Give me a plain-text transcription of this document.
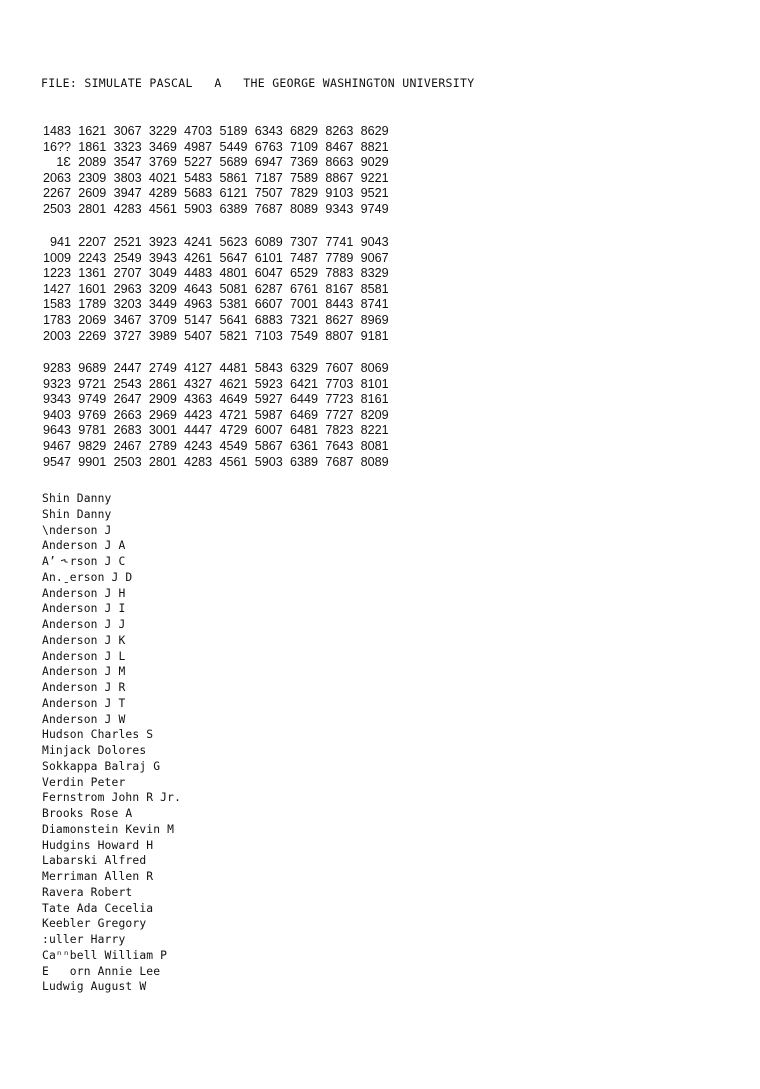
FILE: SIMULATE PASCAL A THE GEORGE WASHINGTON UNIVERSITY
1483 1621 3067 3229 4703 5189 6343 6829 8263 8629
16?? 1861 3323 3469 4987 5449 6763 7109 8467 8821
1Ɛ 2089 3547 3769 5227 5689 6947 7369 8663 9029
2063 2309 3803 4021 5483 5861 7187 7589 8867 9221
2267 2609 3947 4289 5683 6121 7507 7829 9103 9521
2503 2801 4283 4561 5903 6389 7687 8089 9343 9749
941 2207 2521 3923 4241 5623 6089 7307 7741 9043
1009 2243 2549 3943 4261 5647 6101 7487 7789 9067
1223 1361 2707 3049 4483 4801 6047 6529 7883 8329
1427 1601 2963 3209 4643 5081 6287 6761 8167 8581
1583 1789 3203 3449 4963 5381 6607 7001 8443 8741
1783 2069 3467 3709 5147 5641 6883 7321 8627 8969
2003 2269 3727 3989 5407 5821 7103 7549 8807 9181
9283 9689 2447 2749 4127 4481 5843 6329 7607 8069
9323 9721 2543 2861 4327 4621 5923 6421 7703 8101
9343 9749 2647 2909 4363 4649 5927 6449 7723 8161
9403 9769 2663 2969 4423 4721 5987 6469 7727 8209
9643 9781 2683 3001 4447 4729 6007 6481 7823 8221
9467 9829 2467 2789 4243 4549 5867 6361 7643 8081
9547 9901 2503 2801 4283 4561 5903 6389 7687 8089
Shin Danny
Shin Danny
\nderson J
Anderson J A
A’ ˞rson J C
An.ˍerson J D
Anderson J H
Anderson J I
Anderson J J
Anderson J K
Anderson J L
Anderson J M
Anderson J R
Anderson J T
Anderson J W
Hudson Charles S
Minjack Dolores
Sokkappa Balraj G
Verdin Peter
Fernstrom John R Jr.
Brooks Rose A
Diamonstein Kevin M
Hudgins Howard H
Labarski Alfred
Merriman Allen R
Ravera Robert
Tate Ada Cecelia
Keebler Gregory
:uller Harry
Caⁿⁿbell William P
E   orn Annie Lee
Ludwig August W
